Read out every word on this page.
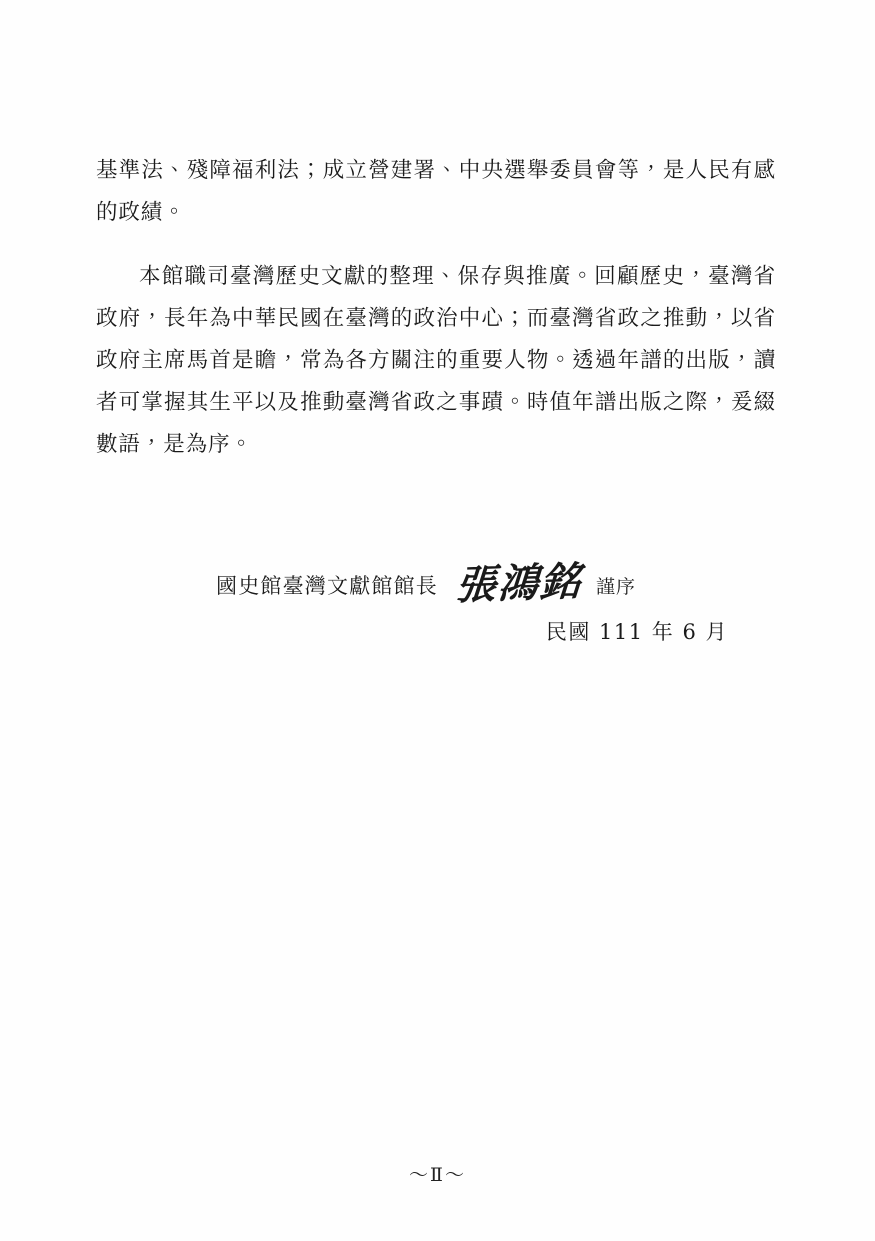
基準法、殘障福利法；成立營建署、中央選舉委員會等，是人民有感的政績。

本館職司臺灣歷史文獻的整理、保存與推廣。回顧歷史，臺灣省政府，長年為中華民國在臺灣的政治中心；而臺灣省政之推動，以省政府主席馬首是瞻，常為各方關注的重要人物。透過年譜的出版，讀者可掌握其生平以及推動臺灣省政之事蹟。時值年譜出版之際，爰綴數語，是為序。

國史館臺灣文獻館館長 張鴻銘 謹序
民國 111 年 6 月
～Ⅱ～
